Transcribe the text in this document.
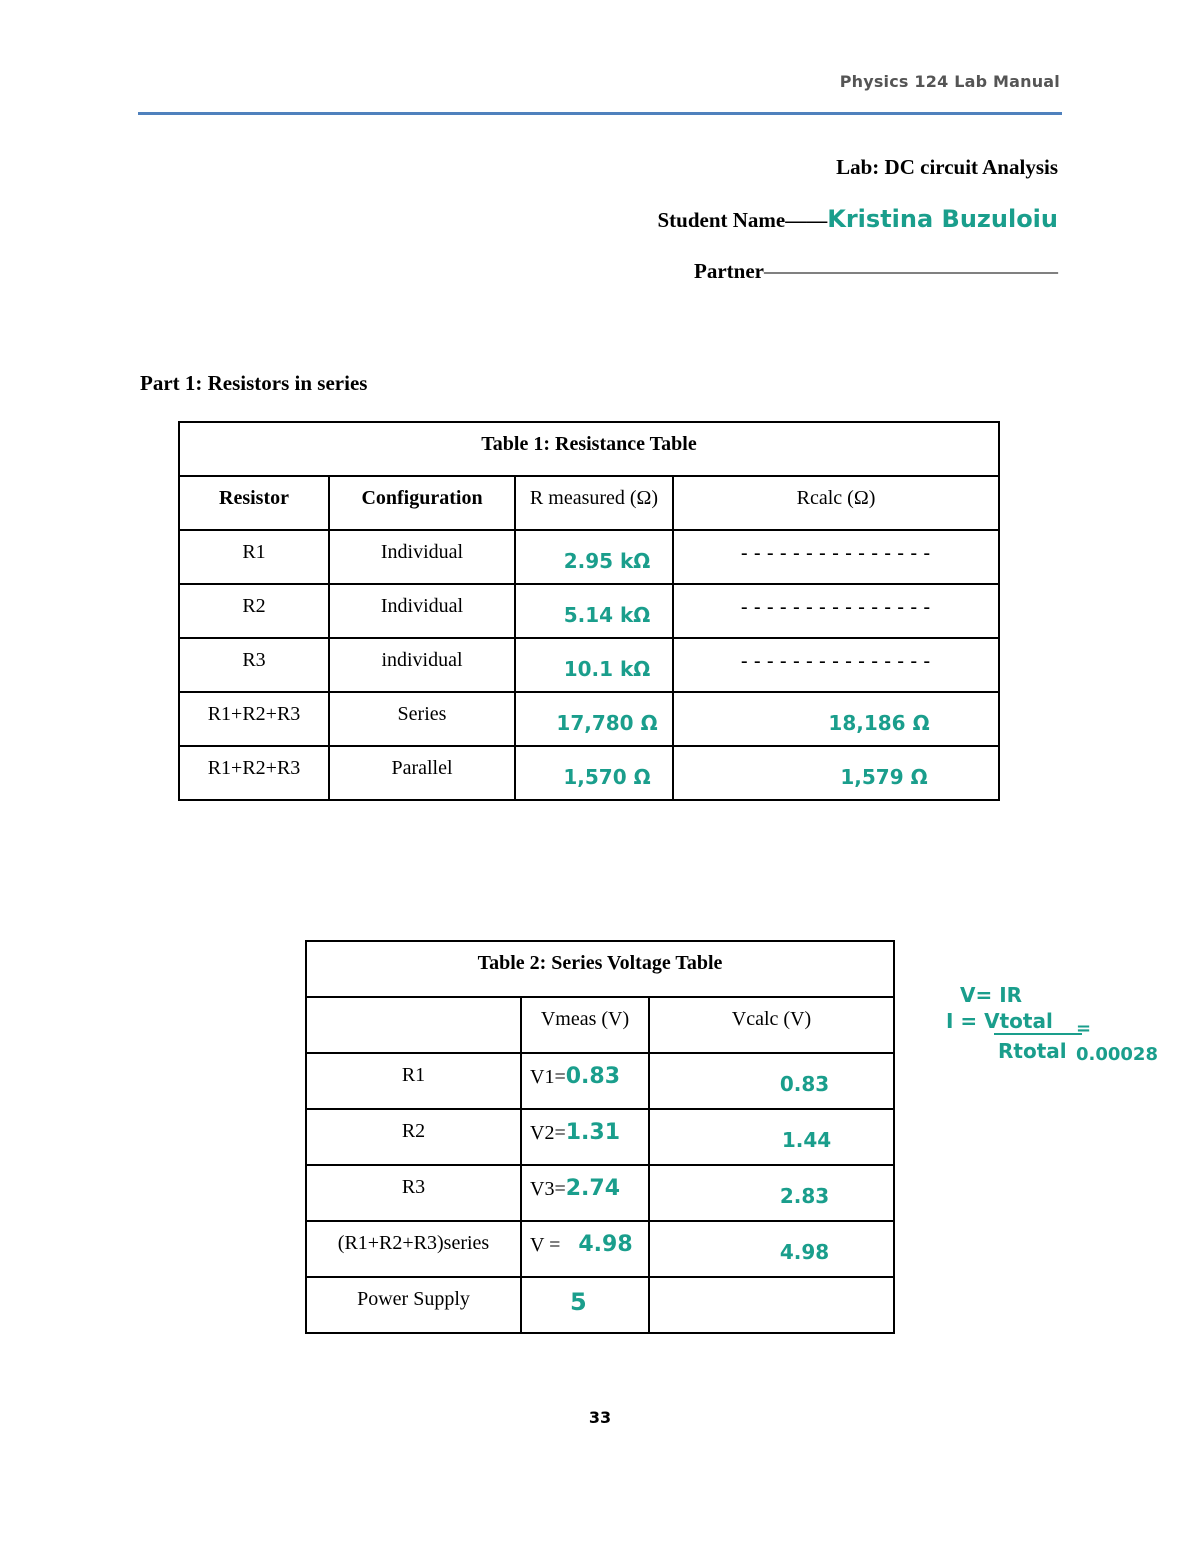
Physics 124 Lab Manual
Lab: DC circuit Analysis
Student Name——Kristina Buzuloiu
Partner——————————————
Part 1: Resistors in series
Table 1: Resistance Table			
Resistor	Configuration	R measured (Ω)	Rcalc (Ω)
R1	Individual	2.95 kΩ	---------------
R2	Individual	5.14 kΩ	---------------
R3	individual	10.1 kΩ	---------------
R1+R2+R3	Series	17,780 Ω	18,186 Ω
R1+R2+R3	Parallel	1,570 Ω	1,579 Ω
Table 2: Series Voltage Table		
	Vmeas (V)	Vcalc (V)
R1	V1=0.83	0.83
R2	V2=1.31	1.44
R3	V3=2.74	2.83
(R1+R2+R3)series	V = 4.98	4.98
Power Supply	5	
V= IR
I = Vtotal = 0.00028
Rtotal
33
